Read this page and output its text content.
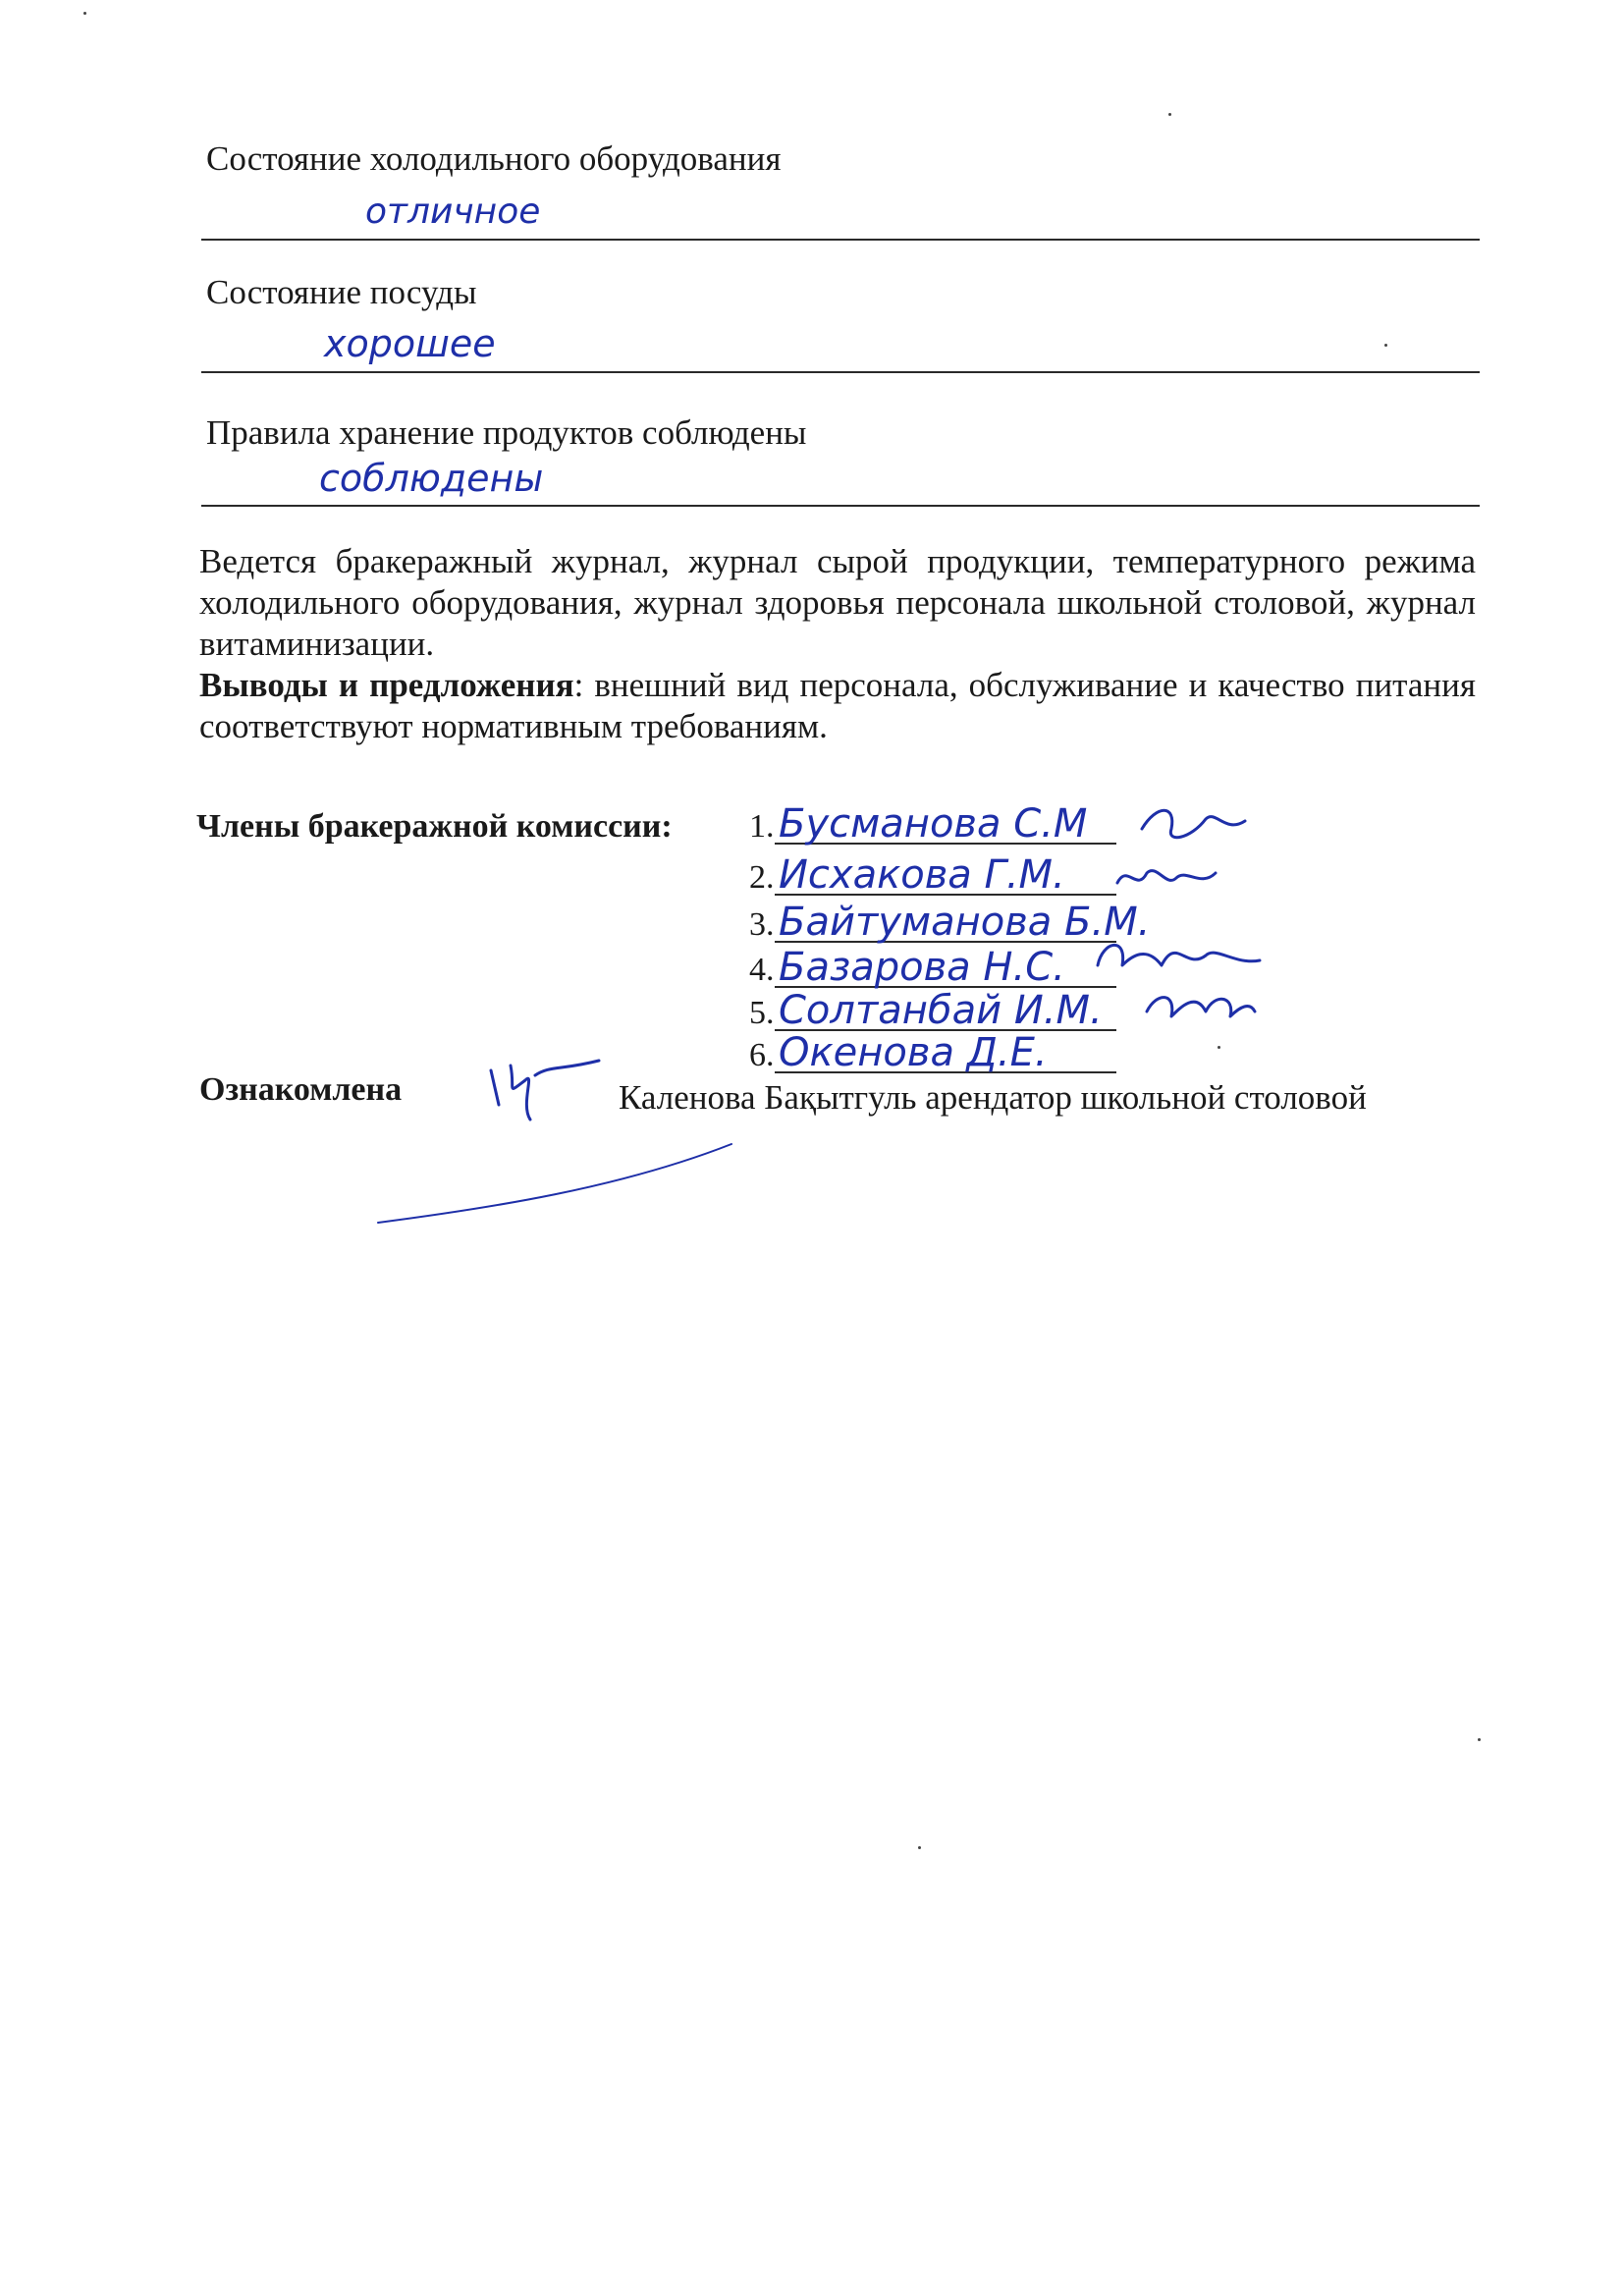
Состояние холодильного оборудования
отличное
Состояние посуды
хорошее
Правила хранение продуктов соблюдены
соблюдены

Ведется бракеражный журнал, журнал сырой продукции, температурного режима холодильного оборудования, журнал здоровья персонала школьной столовой, журнал витаминизации.

Выводы и предложения: внешний вид персонала, обслуживание и качество питания соответствуют нормативным требованиям.

Члены бракеражной комиссии: 1. Бусманова С.М
2. Исхакова Г.М.
3. Байтуманова Б.М.
4. Базарова Н.С.
5. Солтанбай И.М.
6. Окенова Д.Е.
Ознакомлена	Каленова Бақытгуль арендатор школьной столовой
